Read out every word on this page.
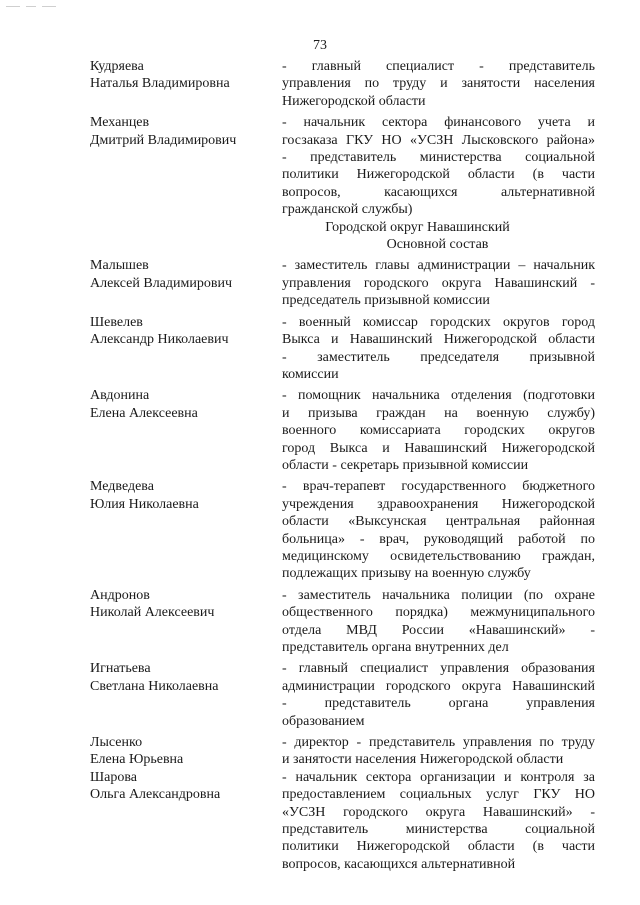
73
Кудряева
Наталья Владимировна

- главный специалист - представитель

управления по труду и занятости населения

Нижегородской области

Механцев
Дмитрий Владимирович

- начальник сектора финансового учета и

госзаказа ГКУ НО «УСЗН Лысковского района»

- представитель министерства социальной

политики Нижегородской области (в части

вопросов, касающихся альтернативной

гражданской службы)

Городской округ Навашинский
Основной состав
Малышев
Алексей Владимирович

- заместитель главы администрации – начальник

управления городского округа Навашинский -

председатель призывной комиссии

Шевелев
Александр Николаевич

- военный комиссар городских округов город

Выкса и Навашинский Нижегородской области

- заместитель председателя призывной

комиссии

Авдонина
Елена Алексеевна

- помощник начальника отделения (подготовки

и призыва граждан на военную службу)

военного комиссариата городских округов

город Выкса и Навашинский Нижегородской

области - секретарь призывной комиссии

Медведева
Юлия Николаевна

- врач-терапевт государственного бюджетного

учреждения здравоохранения Нижегородской

области «Выксунская центральная районная

больница» - врач, руководящий работой по

медицинскому освидетельствованию граждан,

подлежащих призыву на военную службу

Андронов
Николай Алексеевич

- заместитель начальника полиции (по охране

общественного порядка) межмуниципального

отдела МВД России «Навашинский» -

представитель органа внутренних дел

Игнатьева
Светлана Николаевна

- главный специалист управления образования

администрации городского округа Навашинский

- представитель органа управления

образованием

Лысенко
Елена Юрьевна

- директор - представитель управления по труду

и занятости населения Нижегородской области

Шарова
Ольга Александровна

- начальник сектора организации и контроля за

предоставлением социальных услуг ГКУ НО

«УСЗН городского округа Навашинский» -

представитель министерства социальной

политики Нижегородской области (в части

вопросов, касающихся альтернативной
